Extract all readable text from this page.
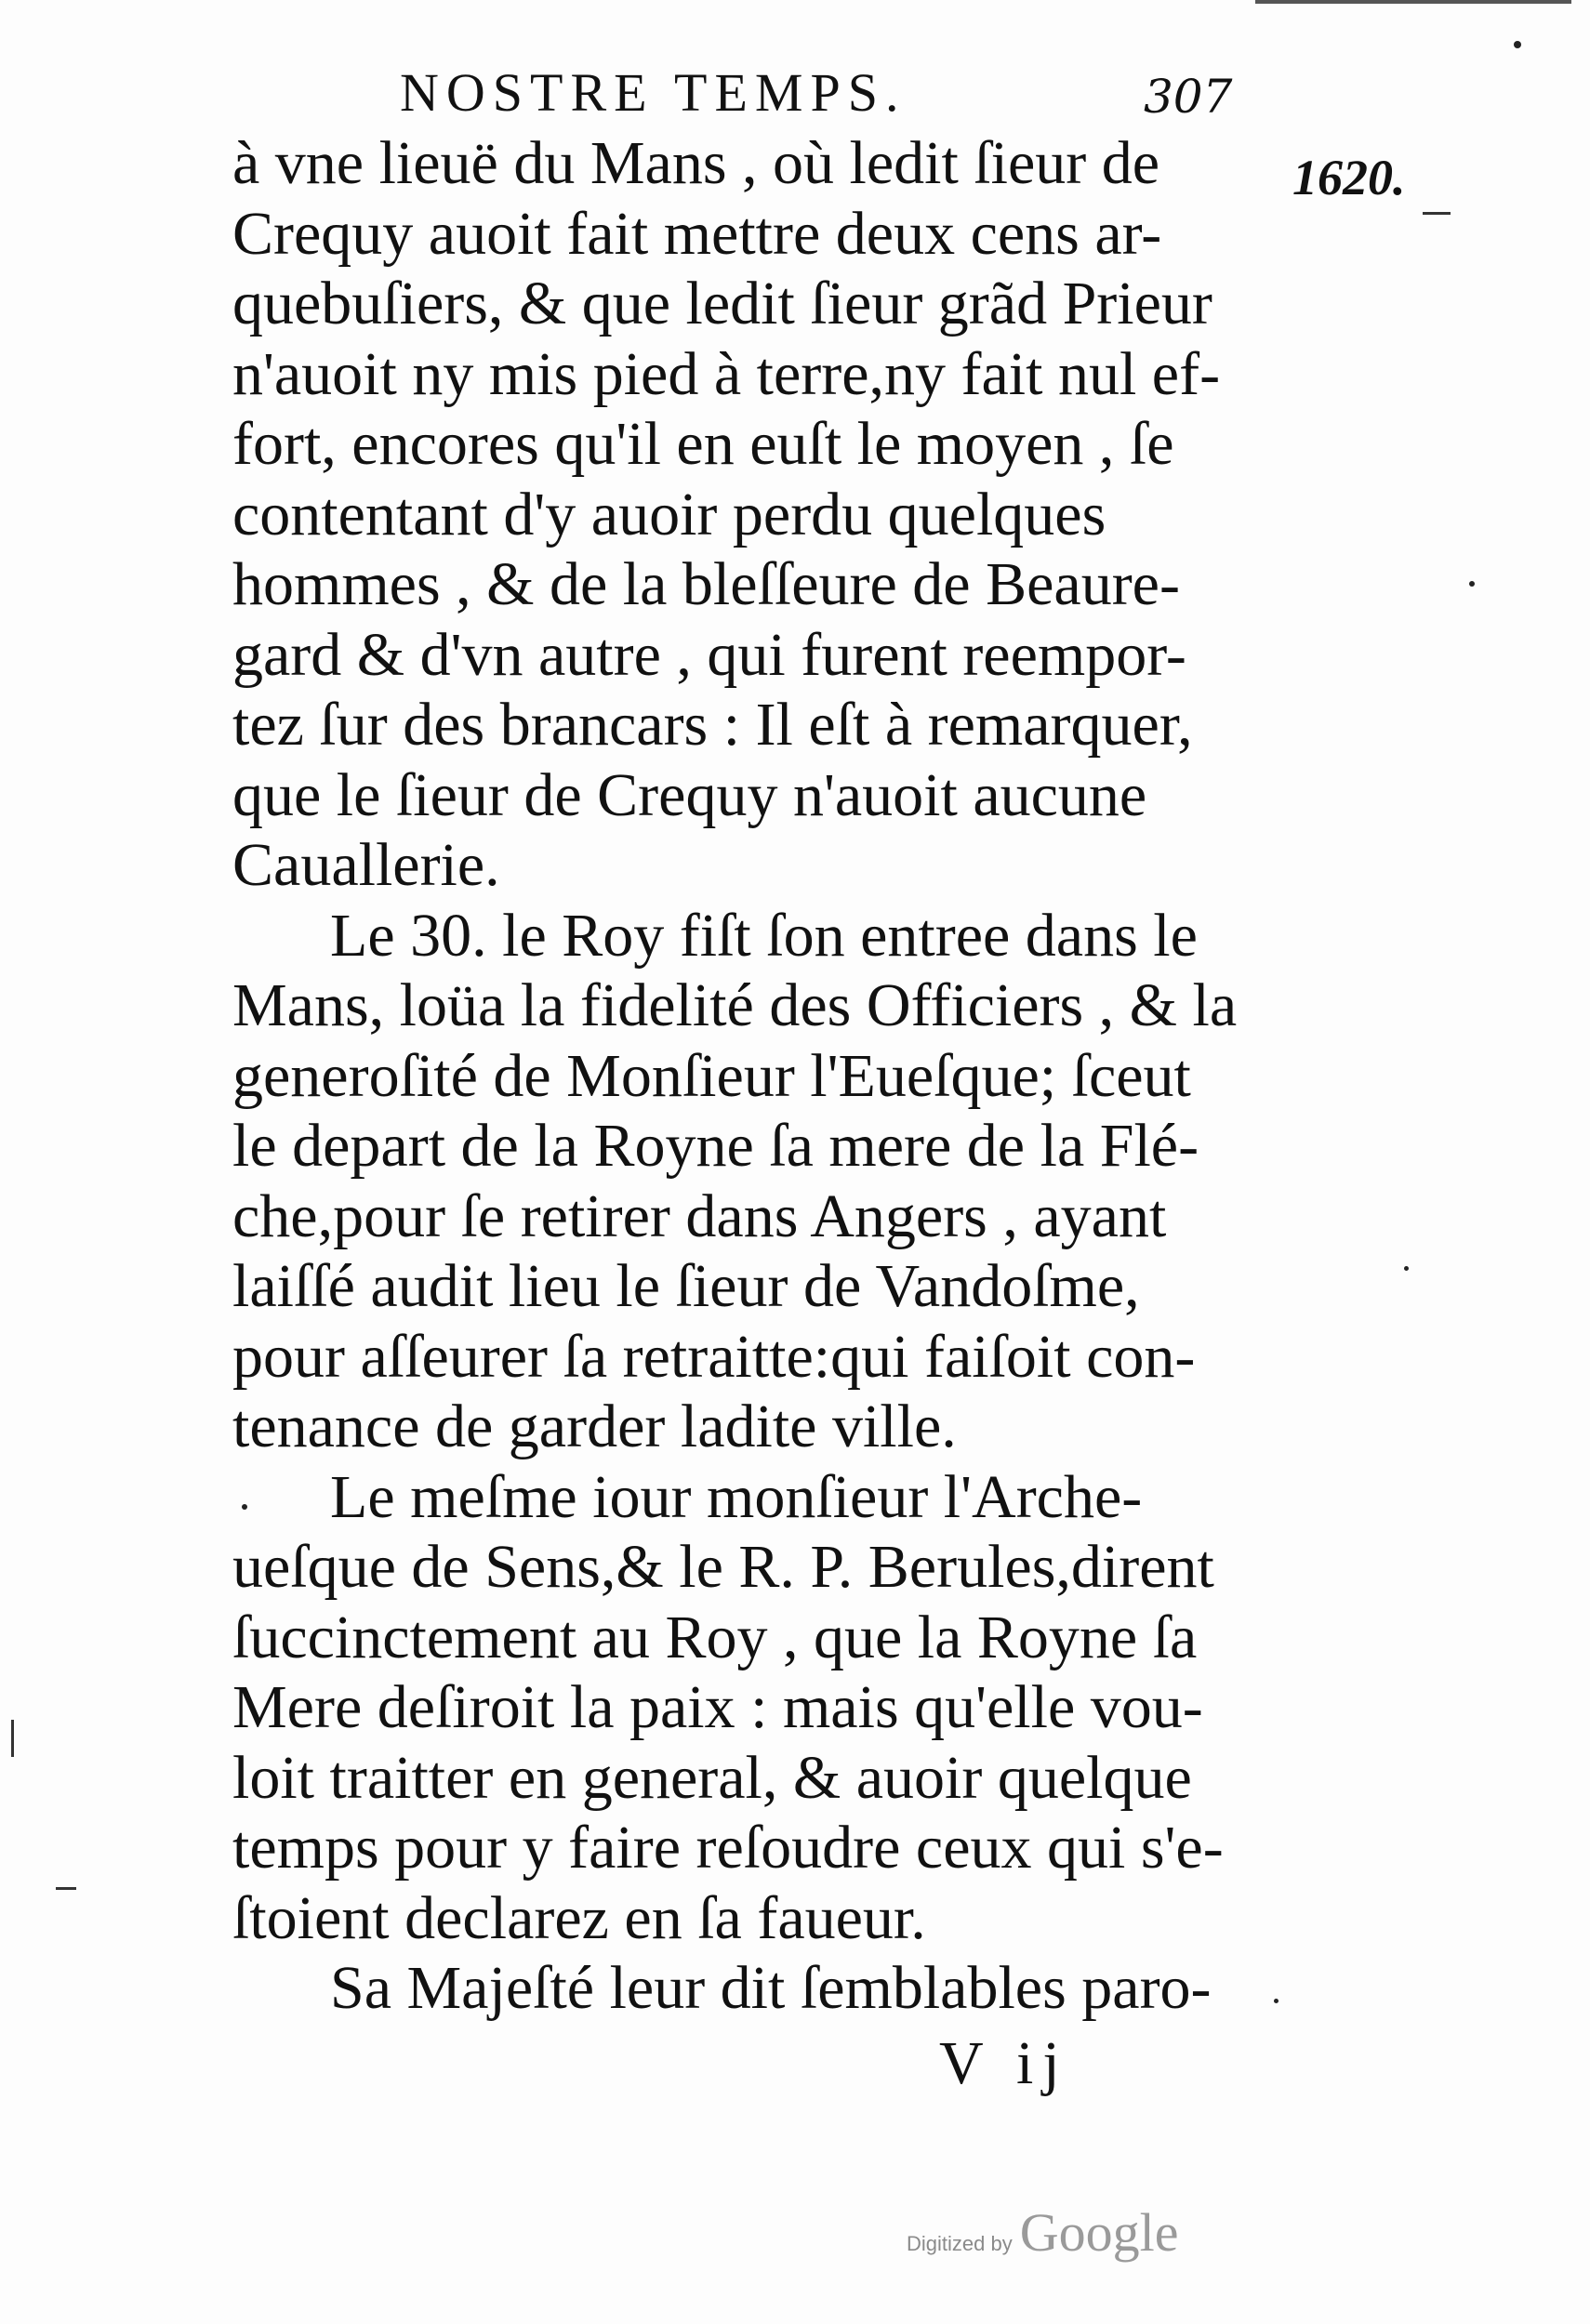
NOSTRE TEMPS.	307
1620.
à vne lieuë du Mans , où ledit ſieur de
Crequy auoit fait mettre deux cens ar-
quebuſiers, & que ledit ſieur grãd Prieur
n'auoit ny mis pied à terre,ny fait nul ef-
fort, encores qu'il en euſt le moyen , ſe
contentant d'y auoir perdu quelques
hommes , & de la bleſſeure de Beaure-
gard & d'vn autre , qui furent reempor-
tez ſur des brancars : Il eſt à remarquer,
que le ſieur de Crequy n'auoit aucune
Cauallerie.
Le 30. le Roy fiſt ſon entree dans le
Mans, loüa la fidelité des Officiers , & la
generoſité de Monſieur l'Eueſque; ſceut
le depart de la Royne ſa mere de la Flé-
che,pour ſe retirer dans Angers , ayant
laiſſé audit lieu le ſieur de Vandoſme,
pour aſſeurer ſa retraitte:qui faiſoit con-
tenance de garder ladite ville.
Le meſme iour monſieur l'Arche-
ueſque de Sens,& le R. P. Berules,dirent
ſuccinctement au Roy , que la Royne ſa
Mere deſiroit la paix : mais qu'elle vou-
loit traitter en general, & auoir quelque
temps pour y faire reſoudre ceux qui s'e-
ſtoient declarez en ſa faueur.
Sa Majeſté leur dit ſemblables paro-
V ij
Digitized by Google
